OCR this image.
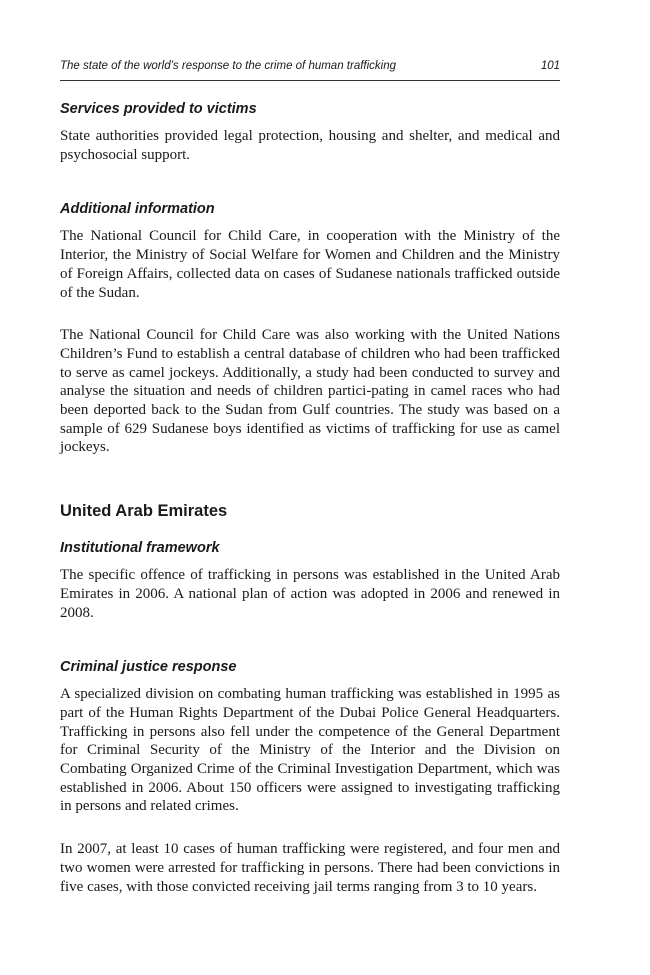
The state of the world’s response to the crime of human trafficking	101
Services provided to victims

State authorities provided legal protection, housing and shelter, and medical and psychosocial support.

Additional information

The National Council for Child Care, in cooperation with the Ministry of the Interior, the Ministry of Social Welfare for Women and Children and the Ministry of Foreign Affairs, collected data on cases of Sudanese nationals trafficked outside of the Sudan.

The National Council for Child Care was also working with the United Nations Children’s Fund to establish a central database of children who had been trafficked to serve as camel jockeys. Additionally, a study had been conducted to survey and analyse the situation and needs of children partici-pating in camel races who had been deported back to the Sudan from Gulf countries. The study was based on a sample of 629 Sudanese boys identified as victims of trafficking for use as camel jockeys.

United Arab Emirates
Institutional framework

The specific offence of trafficking in persons was established in the United Arab Emirates in 2006. A national plan of action was adopted in 2006 and renewed in 2008.

Criminal justice response

A specialized division on combating human trafficking was established in 1995 as part of the Human Rights Department of the Dubai Police General Headquarters. Trafficking in persons also fell under the competence of the General Department for Criminal Security of the Ministry of the Interior and the Division on Combating Organized Crime of the Criminal Investigation Department, which was established in 2006. About 150 officers were assigned to investigating trafficking in persons and related crimes.

In 2007, at least 10 cases of human trafficking were registered, and four men and two women were arrested for trafficking in persons. There had been convictions in five cases, with those convicted receiving jail terms ranging from 3 to 10 years.
